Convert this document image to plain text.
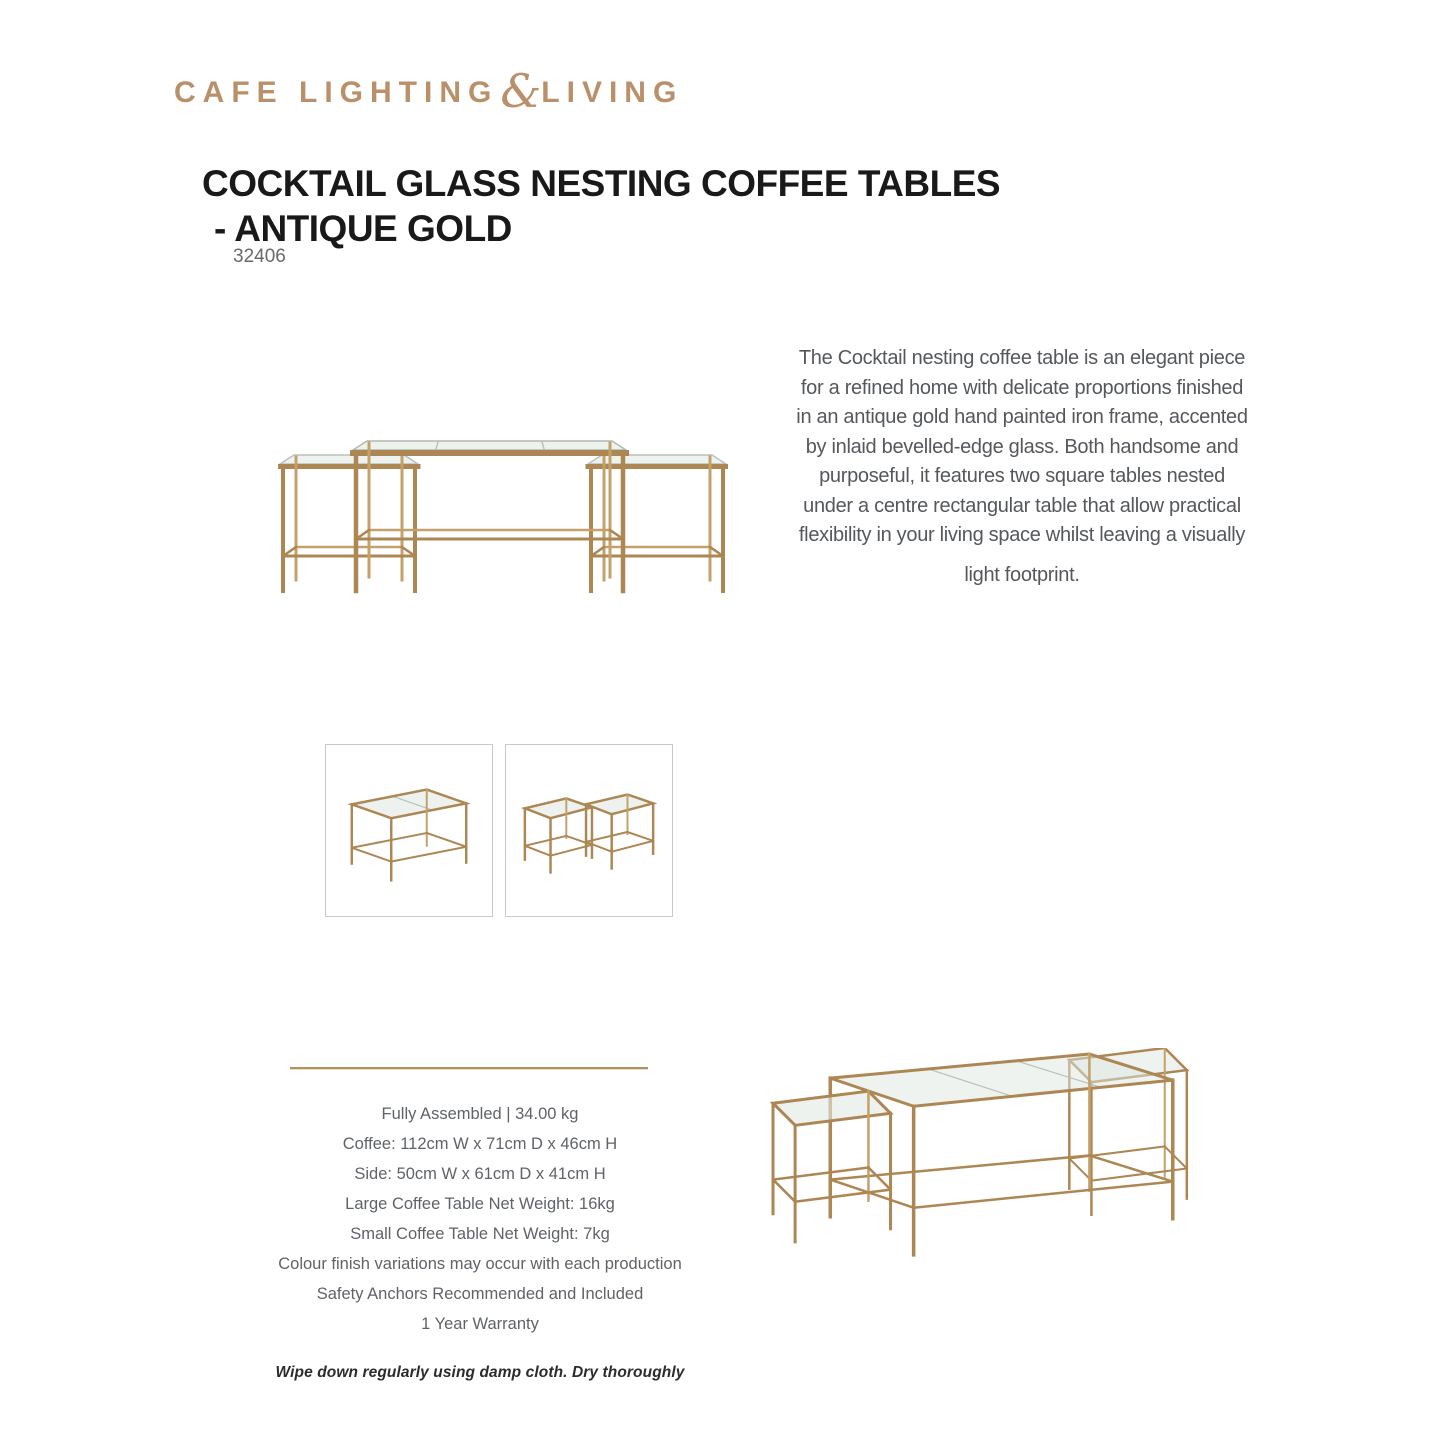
CAFE LIGHTING & LIVING
COCKTAIL GLASS NESTING COFFEE TABLES
- ANTIQUE GOLD
32406
The Cocktail nesting coffee table is an elegant piece
for a refined home with delicate proportions finished
in an antique gold hand painted iron frame, accented
by inlaid bevelled-edge glass. Both handsome and
purposeful, it features two square tables nested
under a centre rectangular table that allow practical
flexibility in your living space whilst leaving a visually
light footprint.
Fully Assembled | 34.00 kg
Coffee: 112cm W x 71cm D x 46cm H
Side: 50cm W x 61cm D x 41cm H
Large Coffee Table Net Weight: 16kg
Small Coffee Table Net Weight: 7kg
Colour finish variations may occur with each production
Safety Anchors Recommended and Included
1 Year Warranty
Wipe down regularly using damp cloth. Dry thoroughly
